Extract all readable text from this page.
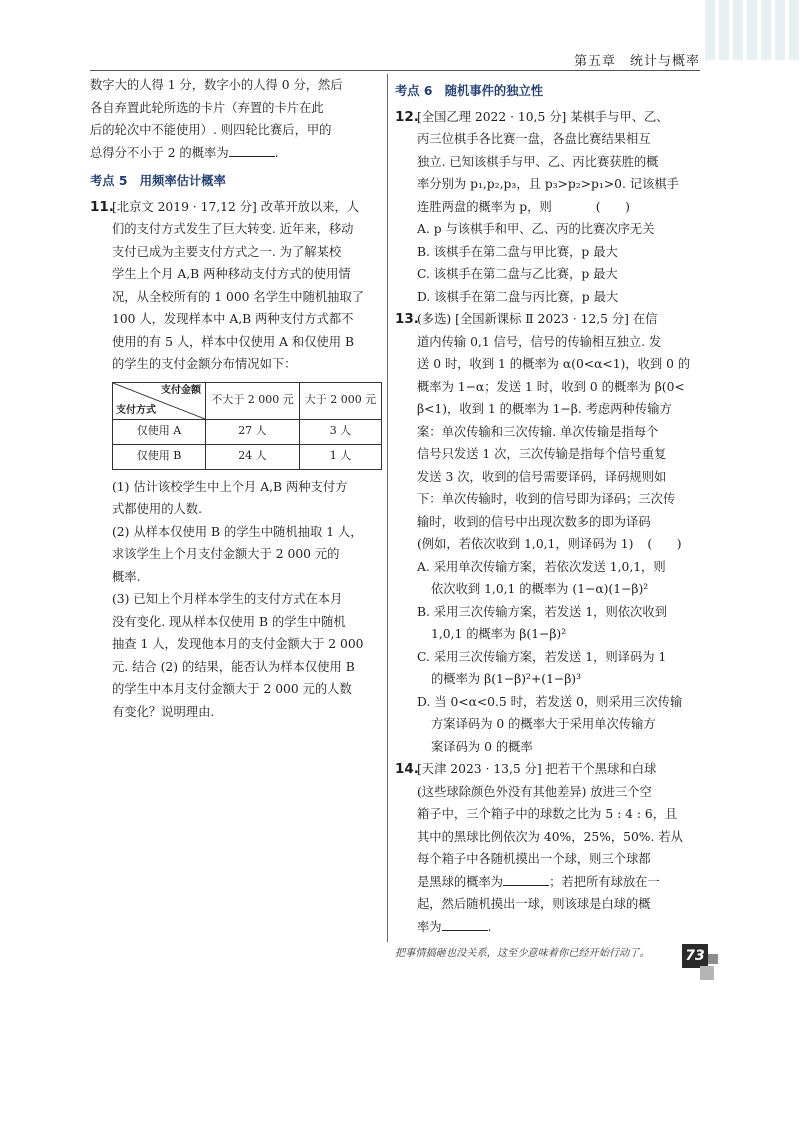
第五章　统计与概率

数字大的人得 1 分，数字小的人得 0 分，然后

各自弃置此轮所选的卡片（弃置的卡片在此

后的轮次中不能使用）. 则四轮比赛后，甲的

总得分不小于 2 的概率为	.

考点 5　用频率估计概率
11.

[北京文 2019 · 17,12 分] 改革开放以来，人

们的支付方式发生了巨大转变. 近年来，移动

支付已成为主要支付方式之一. 为了解某校

学生上个月 A,B 两种移动支付方式的使用情

况，从全校所有的 1 000 名学生中随机抽取了

100 人，发现样本中 A,B 两种支付方式都不

使用的有 5 人，样本中仅使用 A 和仅使用 B

的学生的支付金额分布情况如下：

支付金额
支付方式	不大于 2 000 元	大于 2 000 元
仅使用 A	27 人	3 人
仅使用 B	24 人	1 人

(1) 估计该校学生中上个月 A,B 两种支付方

式都使用的人数.

(2) 从样本仅使用 B 的学生中随机抽取 1 人，

求该学生上个月支付金额大于 2 000 元的

概率.

(3) 已知上个月样本学生的支付方式在本月

没有变化. 现从样本仅使用 B 的学生中随机

抽查 1 人，发现他本月的支付金额大于 2 000

元. 结合 (2) 的结果，能否认为样本仅使用 B

的学生中本月支付金额大于 2 000 元的人数

有变化？说明理由.

考点 6　随机事件的独立性
12.

[全国乙理 2022 · 10,5 分] 某棋手与甲、乙、

丙三位棋手各比赛一盘，各盘比赛结果相互

独立. 已知该棋手与甲、乙、丙比赛获胜的概

率分别为 p₁,p₂,p₃，且 p₃>p₂>p₁>0. 记该棋手

连胜两盘的概率为 p，则	(　　)

A. p 与该棋手和甲、乙、丙的比赛次序无关

B. 该棋手在第二盘与甲比赛，p 最大

C. 该棋手在第二盘与乙比赛，p 最大

D. 该棋手在第二盘与丙比赛，p 最大

13.

(多选) [全国新课标 Ⅱ 2023 · 12,5 分] 在信

道内传输 0,1 信号，信号的传输相互独立. 发

送 0 时，收到 1 的概率为 α(0<α<1)，收到 0 的

概率为 1−α；发送 1 时，收到 0 的概率为 β(0<

β<1)，收到 1 的概率为 1−β. 考虑两种传输方

案：单次传输和三次传输. 单次传输是指每个

信号只发送 1 次，三次传输是指每个信号重复

发送 3 次，收到的信号需要译码，译码规则如

下：单次传输时，收到的信号即为译码；三次传

输时，收到的信号中出现次数多的即为译码

(例如，若依次收到 1,0,1，则译码为 1) (　　)

A. 采用单次传输方案，若依次发送 1,0,1，则

依次收到 1,0,1 的概率为 (1−α)(1−β)²

B. 采用三次传输方案，若发送 1，则依次收到

1,0,1 的概率为 β(1−β)²

C. 采用三次传输方案，若发送 1，则译码为 1

的概率为 β(1−β)²+(1−β)³

D. 当 0<α<0.5 时，若发送 0，则采用三次传输

方案译码为 0 的概率大于采用单次传输方

案译码为 0 的概率

14.

[天津 2023 · 13,5 分] 把若干个黑球和白球

(这些球除颜色外没有其他差异) 放进三个空

箱子中，三个箱子中的球数之比为 5 : 4 : 6，且

其中的黑球比例依次为 40%，25%，50%. 若从

每个箱子中各随机摸出一个球，则三个球都

是黑球的概率为	；若把所有球放在一

起，然后随机摸出一球，则该球是白球的概

率为	.

把事情搞砸也没关系，这至少意味着你已经开始行动了。	73
